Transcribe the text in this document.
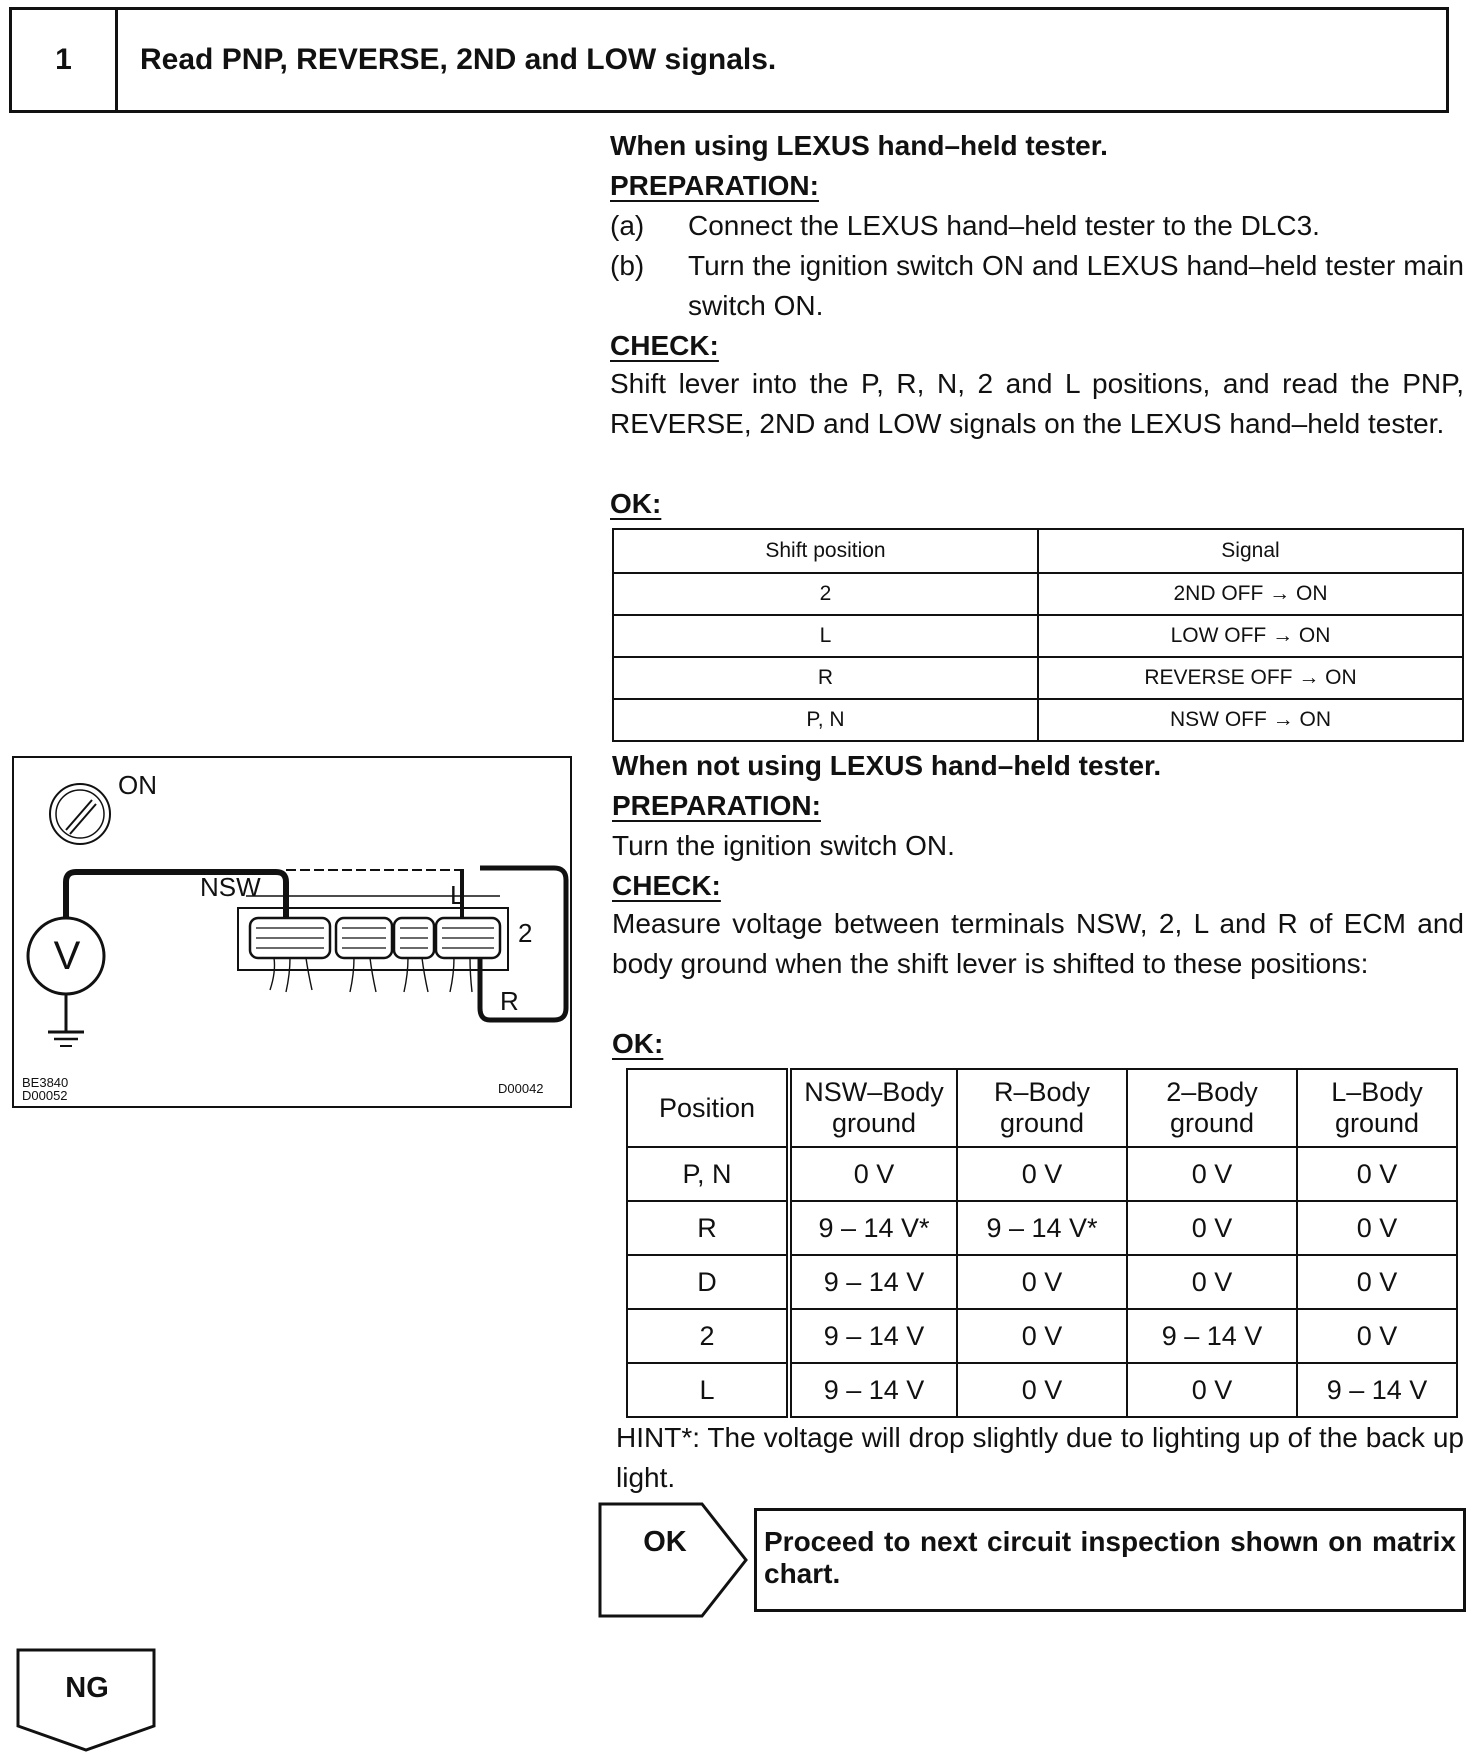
1	Read PNP, REVERSE, 2ND and LOW signals.
When using LEXUS hand–held tester.
PREPARATION:
(a) Connect the LEXUS hand–held tester to the DLC3.
(b) Turn the ignition switch ON and LEXUS hand–held tester main switch ON.
CHECK:
Shift lever into the P, R, N, 2 and L positions, and read the PNP, REVERSE, 2ND and LOW signals on the LEXUS hand–held tester.
OK:
Shift position	Signal
2	2ND OFF → ON
L	LOW OFF → ON
R	REVERSE OFF → ON
P, N	NSW OFF → ON
When not using LEXUS hand–held tester.
PREPARATION:
Turn the ignition switch ON.
CHECK:
Measure voltage between terminals NSW, 2, L and R of ECM and body ground when the shift lever is shifted to these positions:
OK:
Position	NSW–Body ground	R–Body ground	2–Body ground	L–Body ground
P, N	0 V	0 V	0 V	0 V
R	9 – 14 V*	9 – 14 V*	0 V	0 V
D	9 – 14 V	0 V	0 V	0 V
2	9 – 14 V	0 V	9 – 14 V	0 V
L	9 – 14 V	0 V	0 V	9 – 14 V
HINT*: The voltage will drop slightly due to lighting up of the back up light.
ON
V
NSW	L
2
R
BE3840
D00052	D00042
OK	Proceed to next circuit inspection shown on matrix chart.
NG
